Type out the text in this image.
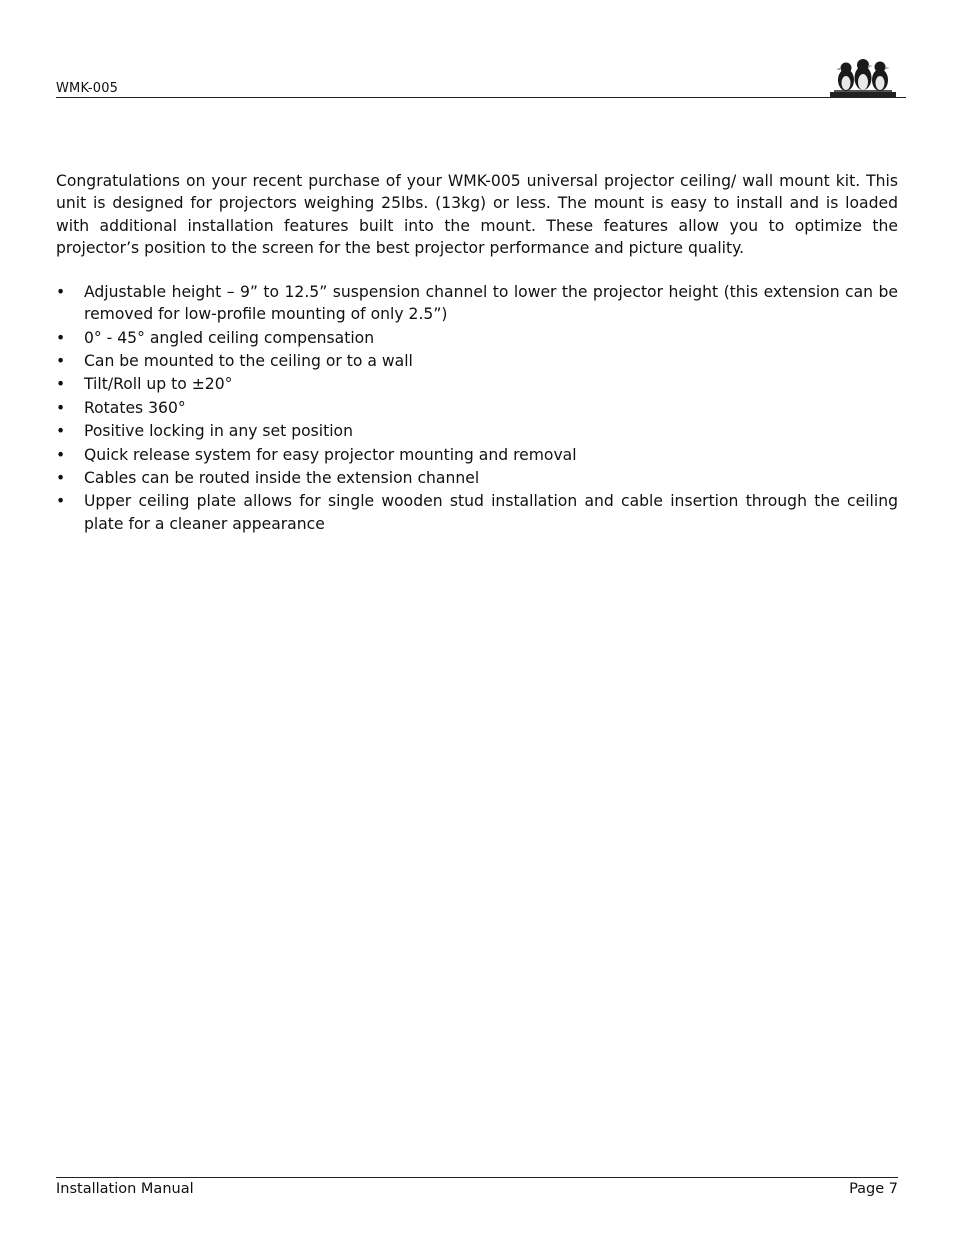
WMK-005

Congratulations on your recent purchase of your WMK-005 universal projector ceiling/ wall mount kit. This unit is designed for projectors weighing 25lbs. (13kg) or less. The mount is easy to install and is loaded with additional installation features built into the mount. These features allow you to optimize the projector’s position to the screen for the best projector performance and picture quality.

• Adjustable height – 9” to 12.5” suspension channel to lower the projector height (this extension can be removed for low-profile mounting of only 2.5”)
• 0° - 45° angled ceiling compensation
• Can be mounted to the ceiling or to a wall
• Tilt/Roll up to ±20°
• Rotates 360°
• Positive locking in any set position
• Quick release system for easy projector mounting and removal
• Cables can be routed inside the extension channel
• Upper ceiling plate allows for single wooden stud installation and cable insertion through the ceiling plate for a cleaner appearance
Installation Manual	Page 7
